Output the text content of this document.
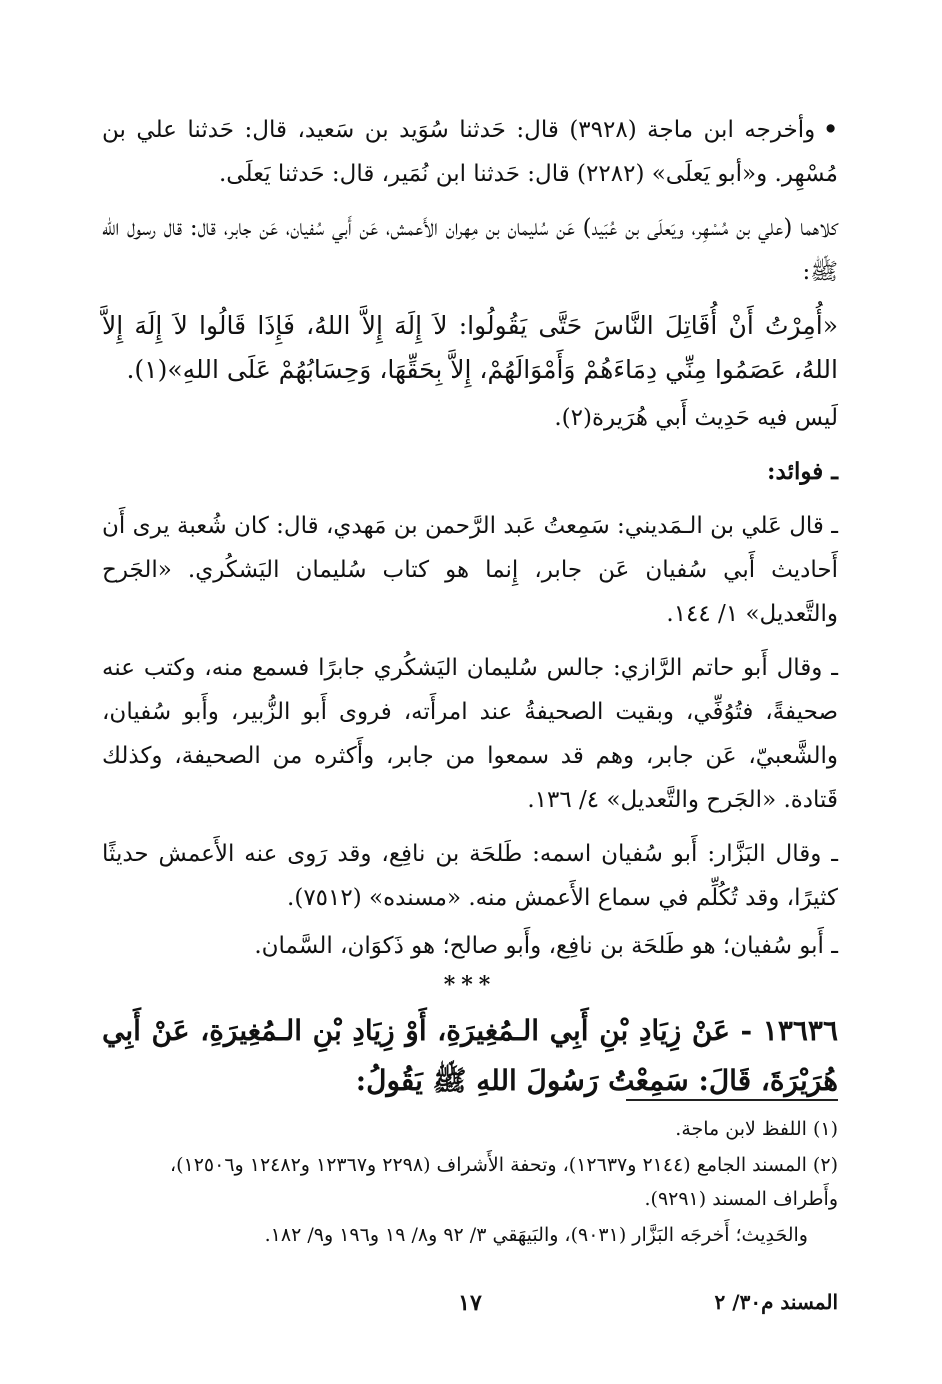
•وأخرجه ابن ماجة (٣٩٢٨) قال: حَدثنا سُوَيد بن سَعيد، قال: حَدثنا علي بن مُسْهِر. و«أبو يَعلَى» (٢٢٨٢) قال: حَدثنا ابن نُمَير، قال: حَدثنا يَعلَى.

كلاهما (علي بن مُسْهِر، ويَعلَى بن عُبَيد) عَن سُليمان بن مِهران الأَعمش، عَن أَبي سُفيان، عَن جابر، قال: قال رسول الله ﷺ:

«أُمِرْتُ أَنْ أُقَاتِلَ النَّاسَ حَتَّى يَقُولُوا: لاَ إِلَهَ إِلاَّ اللهُ، فَإِذَا قَالُوا لاَ إِلَهَ إِلاَّ اللهُ، عَصَمُوا مِنِّي دِمَاءَهُمْ وَأَمْوَالَهُمْ، إِلاَّ بِحَقِّهَا، وَحِسَابُهُمْ عَلَى اللهِ»(١).

لَيس فيه حَدِيث أَبي هُرَيرة(٢).

ـ فوائد:

ـ قال عَلي بن الـمَديني: سَمِعتُ عَبد الرَّحمن بن مَهدي، قال: كان شُعبة يرى أَن أَحاديث أَبي سُفيان عَن جابر، إِنما هو كتاب سُليمان اليَشكُري. «الجَرح والتَّعديل» ١/ ١٤٤.

ـ وقال أَبو حاتم الرَّازي: جالس سُليمان اليَشكُري جابرًا فسمع منه، وكتب عنه صحيفةً، فتُوُفِّي، وبقيت الصحيفةُ عند امرأَته، فروى أَبو الزُّبير، وأَبو سُفيان، والشَّعبيّ، عَن جابر، وهم قد سمعوا من جابر، وأَكثره من الصحيفة، وكذلك قَتادة. «الجَرح والتَّعديل» ٤/ ١٣٦.

ـ وقال البَزَّار: أَبو سُفيان اسمه: طَلحَة بن نافِع، وقد رَوى عنه الأَعمش حديثًا كثيرًا، وقد تُكُلِّم في سماع الأَعمش منه. «مسنده» (٧٥١٢).

ـ أَبو سُفيان؛ هو طَلحَة بن نافِع، وأَبو صالح؛ هو ذَكوَان، السَّمان.

***

١٣٦٣٦ - عَنْ زِيَادِ بْنِ أَبِي الـمُغِيرَةِ، أَوْ زِيَادِ بْنِ الـمُغِيرَةِ، عَنْ أَبِي هُرَيْرَةَ، قَالَ: سَمِعْتُ رَسُولَ اللهِ ﷺ يَقُولُ:

(١) اللفظ لابن ماجة.

(٢) المسند الجامع (٢١٤٤ و١٢٦٣٧)، وتحفة الأَشراف (٢٢٩٨ و١٢٣٦٧ و١٢٤٨٢ و١٢٥٠٦)، وأَطراف المسند (٩٢٩١).

والحَدِيث؛ أَخرجَه البَزَّار (٩٠٣١)، والبَيهَقي ٣/ ٩٢ و٨/ ١٩ و١٩٦ و٩/ ١٨٢.

المسند م٣٠/ ٢
١٧
